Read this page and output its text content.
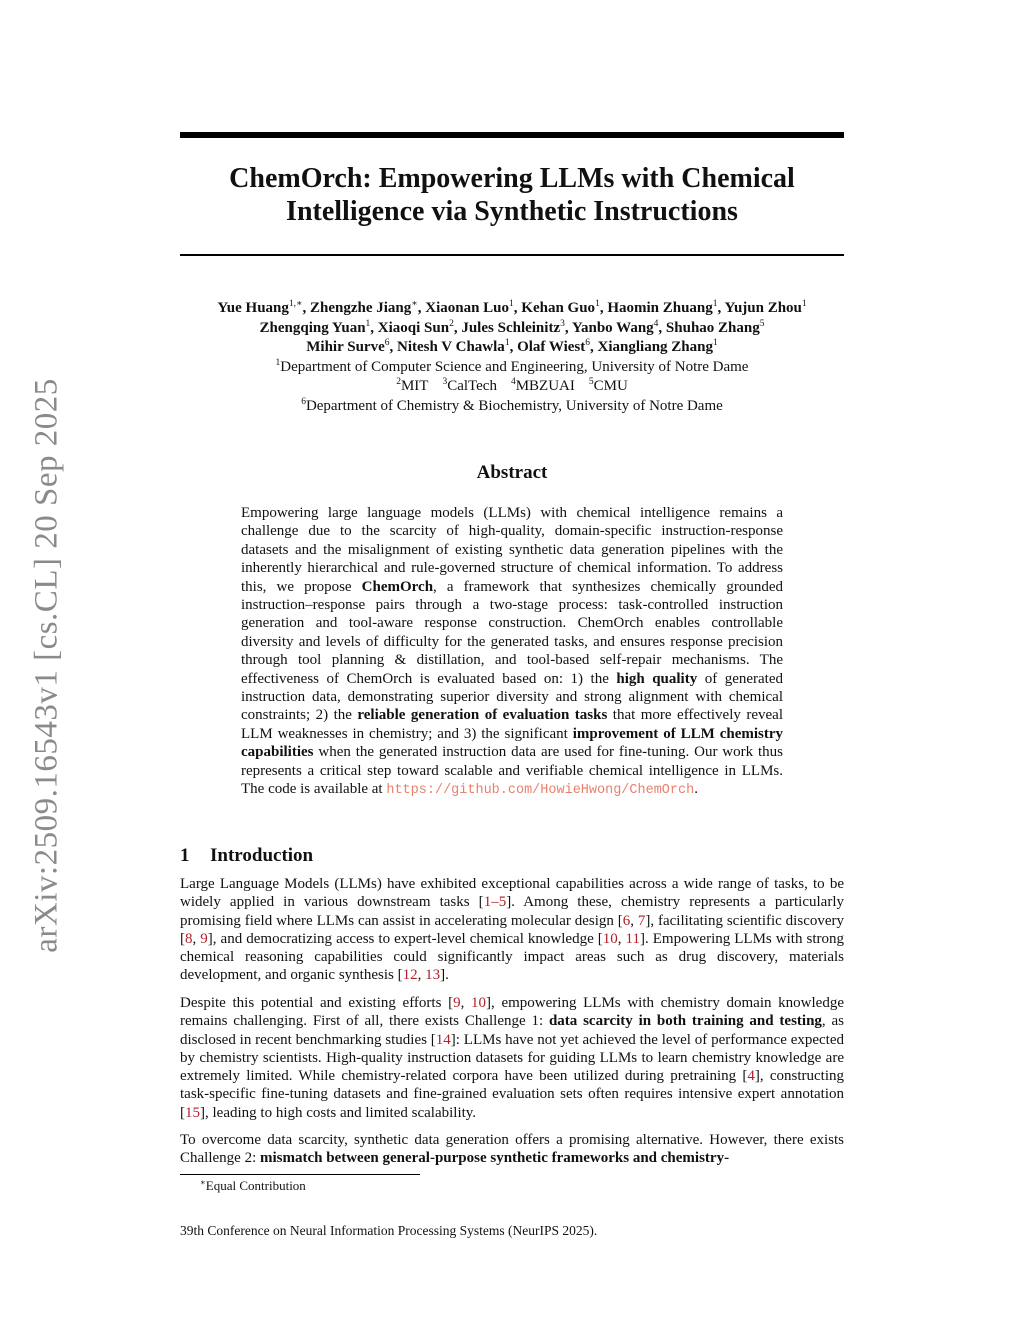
arXiv:2509.16543v1 [cs.CL] 20 Sep 2025
ChemOrch: Empowering LLMs with Chemical
Intelligence via Synthetic Instructions
Yue Huang$^{1,∗}$, Zhengzhe Jiang∗, Xiaonan Luo$^1$, Kehan Guo$^1$, Haomin Zhuang$^1$, Yujun Zhou$^1$
Zhengqing Yuan$^1$, Xiaoqi Sun$^2$, Jules Schleinitz$^3$, Yanbo Wang$^4$, Shuhao Zhang$^5$
Mihir Surve$^6$, Nitesh V Chawla$^1$, Olaf Wiest$^6$, Xiangliang Zhang$^1$
$^1$Department of Computer Science and Engineering, University of Notre Dame
$^2$MIT $^3$CalTech $^4$MBZUAI $^5$CMU
$^6$Department of Chemistry & Biochemistry, University of Notre Dame
Abstract

Empowering large language models (LLMs) with chemical intelligence remains a challenge due to the scarcity of high-quality, domain-specific instruction-response datasets and the misalignment of existing synthetic data generation pipelines with the inherently hierarchical and rule-governed structure of chemical information. To address this, we propose ChemOrch, a framework that synthesizes chemically grounded instruction–response pairs through a two-stage process: task-controlled instruction generation and tool-aware response construction. ChemOrch enables controllable diversity and levels of difficulty for the generated tasks, and ensures response precision through tool planning & distillation, and tool-based self-repair mechanisms. The effectiveness of ChemOrch is evaluated based on: 1) the high quality of generated instruction data, demonstrating superior diversity and strong alignment with chemical constraints; 2) the reliable generation of evaluation tasks that more effectively reveal LLM weaknesses in chemistry; and 3) the significant improvement of LLM chemistry capabilities when the generated instruction data are used for fine-tuning. Our work thus represents a critical step toward scalable and verifiable chemical intelligence in LLMs. The code is available at https://github.com/HowieHwong/ChemOrch.

1 Introduction

Large Language Models (LLMs) have exhibited exceptional capabilities across a wide range of tasks, to be widely applied in various downstream tasks [1–5]. Among these, chemistry represents a particularly promising field where LLMs can assist in accelerating molecular design [6, 7], facilitating scientific discovery [8, 9], and democratizing access to expert-level chemical knowledge [10, 11]. Empowering LLMs with strong chemical reasoning capabilities could significantly impact areas such as drug discovery, materials development, and organic synthesis [12, 13].

Despite this potential and existing efforts [9, 10], empowering LLMs with chemistry domain knowledge remains challenging. First of all, there exists Challenge 1: data scarcity in both training and testing, as disclosed in recent benchmarking studies [14]: LLMs have not yet achieved the level of performance expected by chemistry scientists. High-quality instruction datasets for guiding LLMs to learn chemistry knowledge are extremely limited. While chemistry-related corpora have been utilized during pretraining [4], constructing task-specific fine-tuning datasets and fine-grained evaluation sets often requires intensive expert annotation [15], leading to high costs and limited scalability.

To overcome data scarcity, synthetic data generation offers a promising alternative. However, there exists Challenge 2: mismatch between general-purpose synthetic frameworks and chemistry-

∗Equal Contribution

39th Conference on Neural Information Processing Systems (NeurIPS 2025).
